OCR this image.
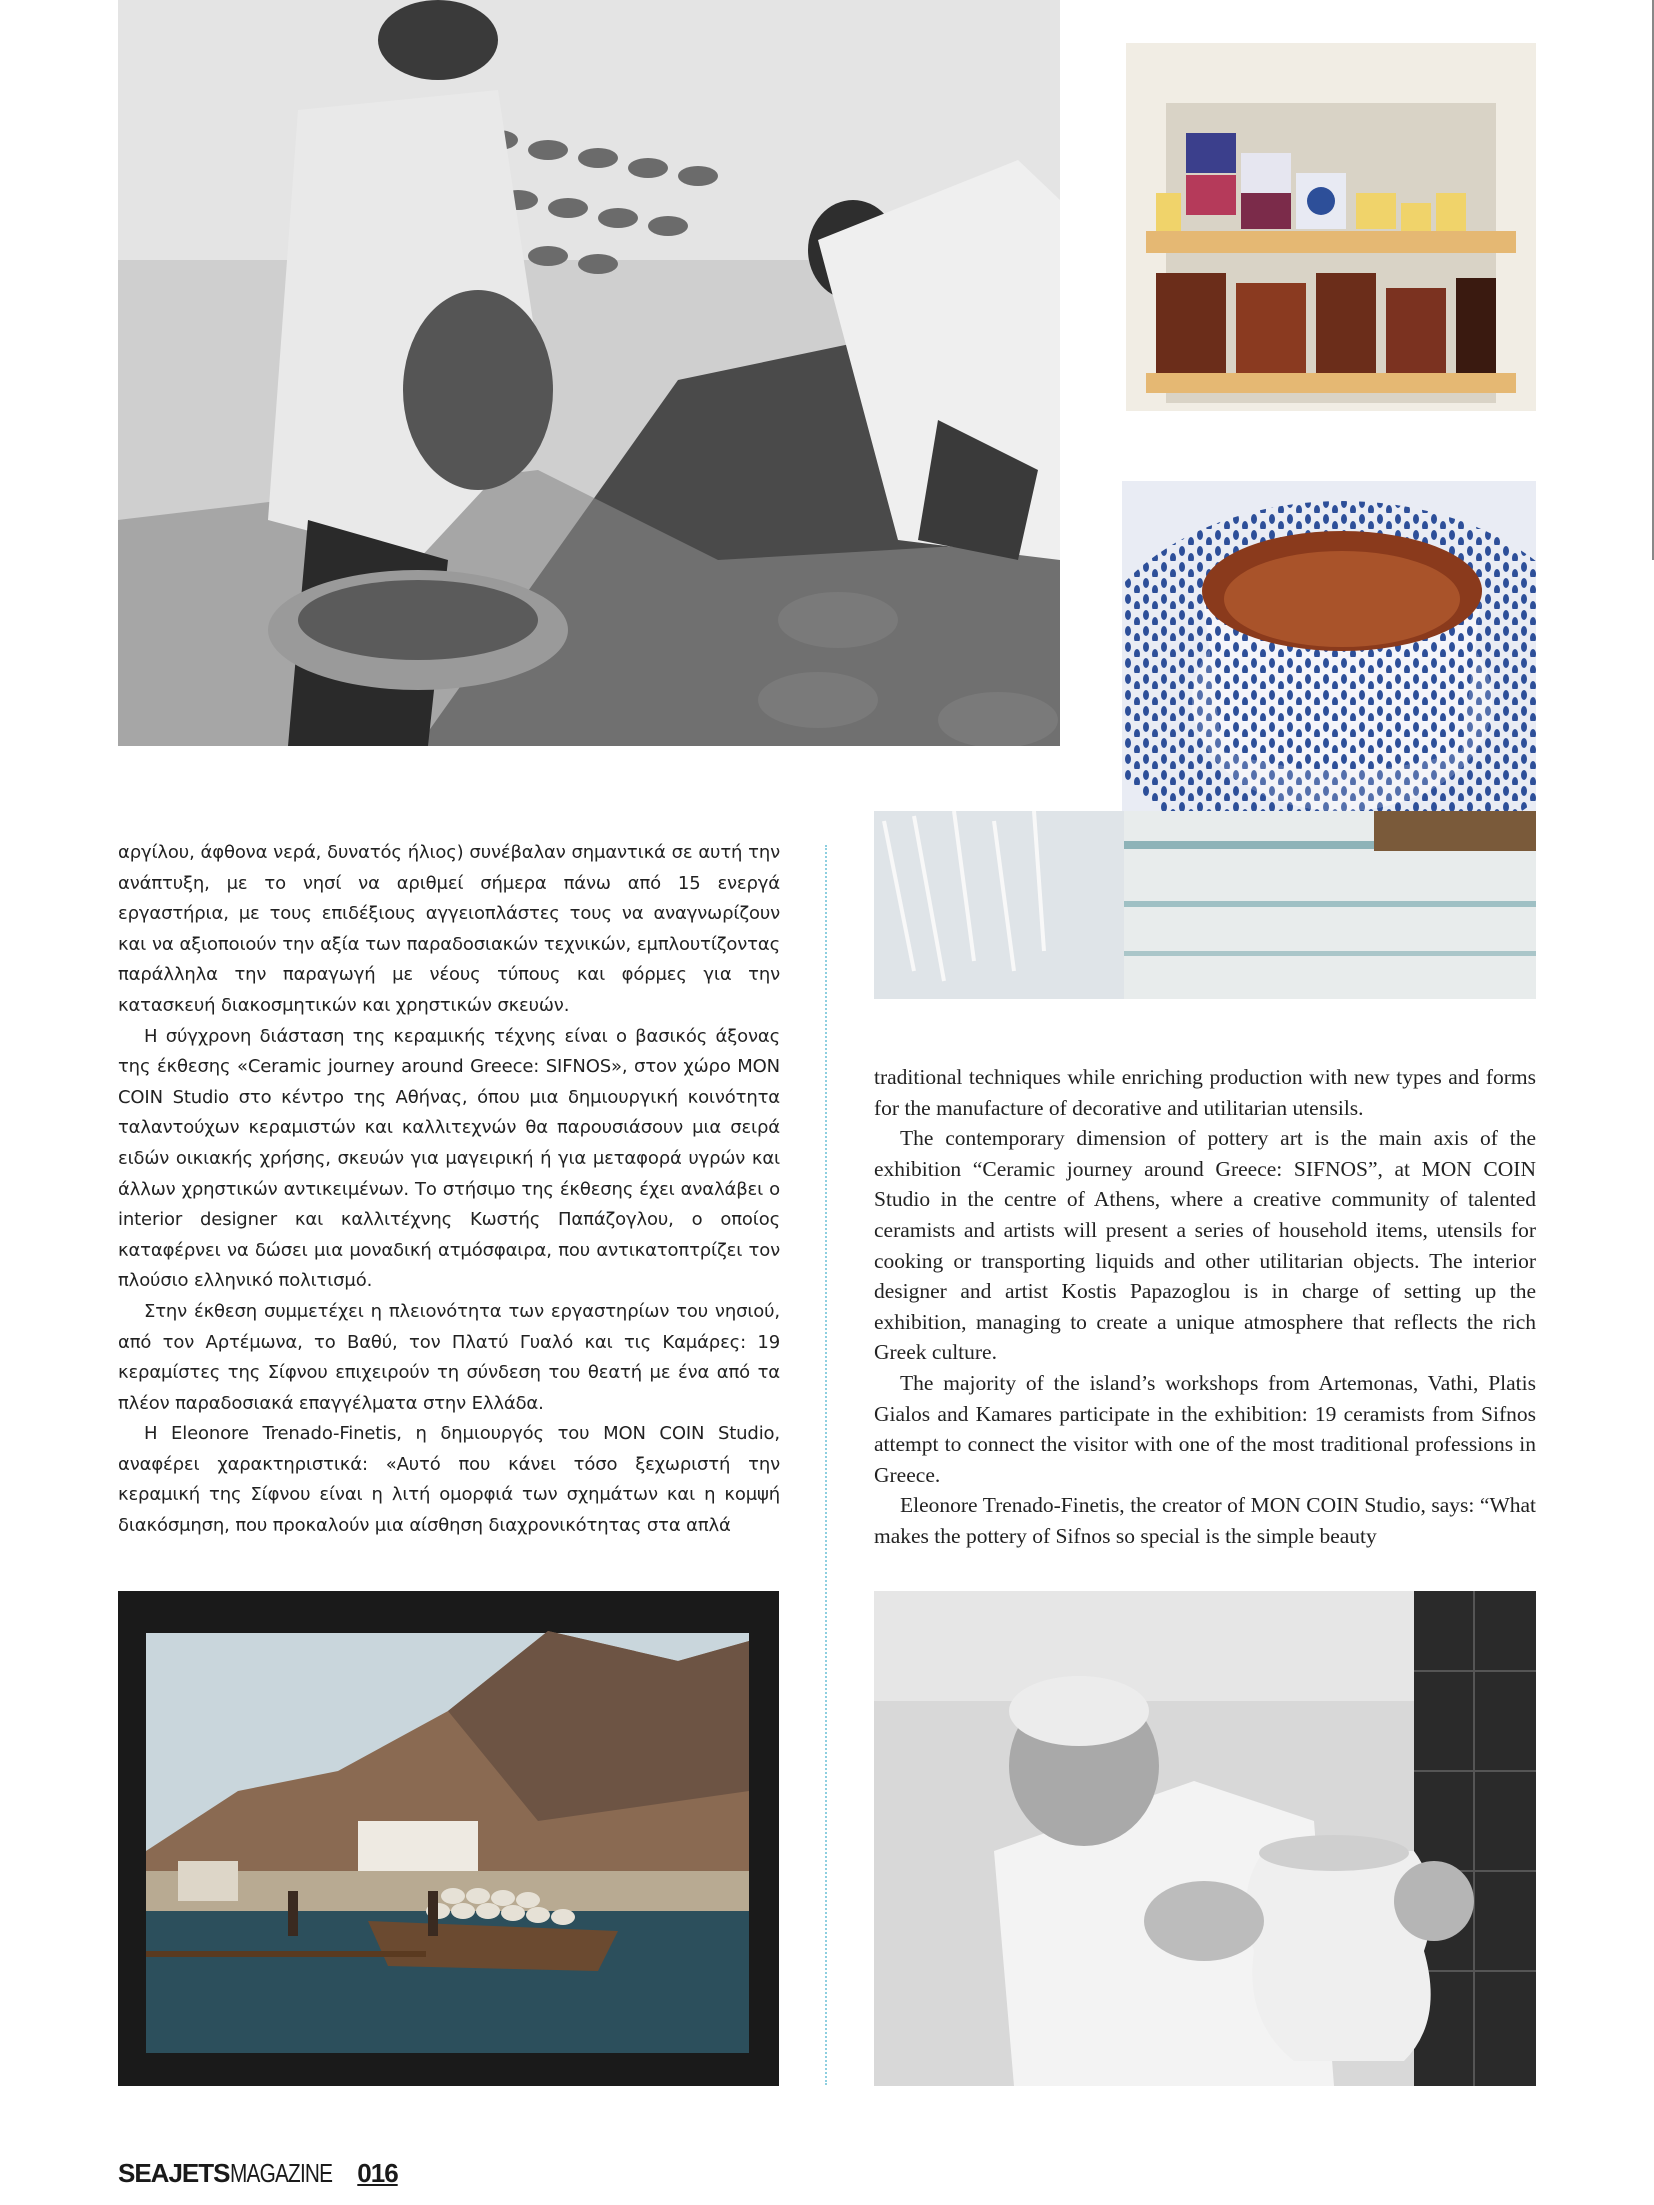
αργίλου, άφθονα νερά, δυνατός ήλιος) συνέβαλαν σημαντικά σε αυτή την ανάπτυξη, με το νησί να αριθμεί σήμερα πάνω από 15 ενεργά εργαστήρια, με τους επιδέξιους αγγειοπλάστες τους να αναγνωρίζουν και να αξιοποιούν την αξία των παραδοσιακών τεχνικών, εμπλουτίζοντας παράλληλα την παραγωγή με νέους τύπους και φόρμες για την κατασκευή διακοσμητικών και χρηστικών σκευών.

Η σύγχρονη διάσταση της κεραμικής τέχνης είναι ο βασικός άξονας της έκθεσης «Ceramic journey around Greece: SIFNOS», στον χώρο MON COIN Studio στο κέντρο της Αθήνας, όπου μια δημιουργική κοινότητα ταλαντούχων κεραμιστών και καλλιτεχνών θα παρουσιάσουν μια σειρά ειδών οικιακής χρήσης, σκευών για μαγειρική ή για μεταφορά υγρών και άλλων χρηστικών αντικειμένων. Το στήσιμο της έκθεσης έχει αναλάβει ο interior designer και καλλιτέχνης Κωστής Παπάζογλου, ο οποίος καταφέρνει να δώσει μια μοναδική ατμόσφαιρα, που αντικατοπτρίζει τον πλούσιο ελληνικό πολιτισμό.

Στην έκθεση συμμετέχει η πλειονότητα των εργαστηρίων του νησιού, από τον Αρτέμωνα, το Βαθύ, τον Πλατύ Γυαλό και τις Καμάρες: 19 κεραμίστες της Σίφνου επιχειρούν τη σύνδεση του θεατή με ένα από τα πλέον παραδοσιακά επαγγέλματα στην Ελλάδα.

Η Eleonore Trenado-Finetis, η δημιουργός του MON COIN Studio, αναφέρει χαρακτηριστικά: «Αυτό που κάνει τόσο ξεχωριστή την κεραμική της Σίφνου είναι η λιτή ομορφιά των σχημάτων και η κομψή διακόσμηση, που προκαλούν μια αίσθηση διαχρονικότητας στα απλά

traditional techniques while enriching production with new types and forms for the manufacture of decorative and utilitarian utensils.

The contemporary dimension of pottery art is the main axis of the exhibition “Ceramic journey around Greece: SIFNOS”, at MON COIN Studio in the centre of Athens, where a creative community of talented ceramists and artists will present a series of household items, utensils for cooking or transporting liquids and other utilitarian objects. The interior designer and artist Kostis Papazoglou is in charge of setting up the exhibition, managing to create a unique atmosphere that reflects the rich Greek culture.

The majority of the island’s workshops from Artemonas, Vathi, Platis Gialos and Kamares participate in the exhibition: 19 ceramists from Sifnos attempt to connect the visitor with one of the most traditional professions in Greece.

Eleonore Trenado-Finetis, the creator of MON COIN Studio, says: “What makes the pottery of Sifnos so special is the simple beauty

SEAJETSMAGAZINE 016
